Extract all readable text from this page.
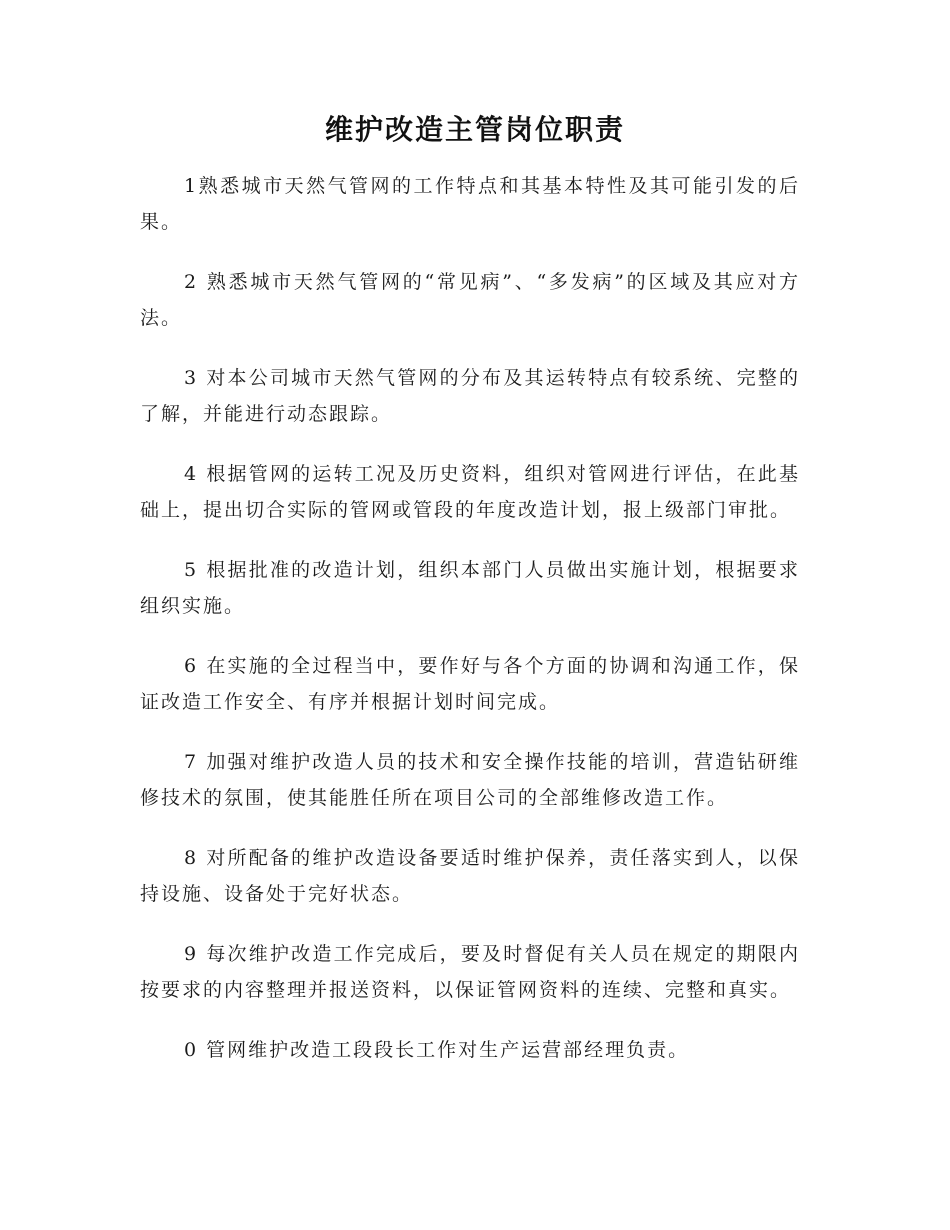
维护改造主管岗位职责

1熟悉城市天然气管网的工作特点和其基本特性及其可能引发的后果。

2 熟悉城市天然气管网的“常见病”、“多发病”的区域及其应对方法。

3 对本公司城市天然气管网的分布及其运转特点有较系统、完整的了解，并能进行动态跟踪。

4 根据管网的运转工况及历史资料，组织对管网进行评估，在此基础上，提出切合实际的管网或管段的年度改造计划，报上级部门审批。

5 根据批准的改造计划，组织本部门人员做出实施计划，根据要求组织实施。

6 在实施的全过程当中，要作好与各个方面的协调和沟通工作，保证改造工作安全、有序并根据计划时间完成。

7 加强对维护改造人员的技术和安全操作技能的培训，营造钻研维修技术的氛围，使其能胜任所在项目公司的全部维修改造工作。

8 对所配备的维护改造设备要适时维护保养，责任落实到人，以保持设施、设备处于完好状态。

9 每次维护改造工作完成后，要及时督促有关人员在规定的期限内按要求的内容整理并报送资料，以保证管网资料的连续、完整和真实。

0 管网维护改造工段段长工作对生产运营部经理负责。
